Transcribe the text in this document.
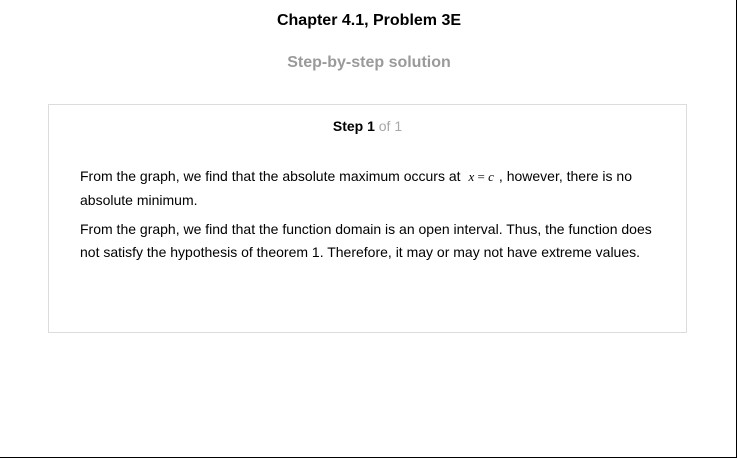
Chapter 4.1, Problem 3E
Step-by-step solution
Step 1 of 1

From the graph, we find that the absolute maximum occurs at x = c , however, there is no absolute minimum.

From the graph, we find that the function domain is an open interval. Thus, the function does not satisfy the hypothesis of theorem 1. Therefore, it may or may not have extreme values.
